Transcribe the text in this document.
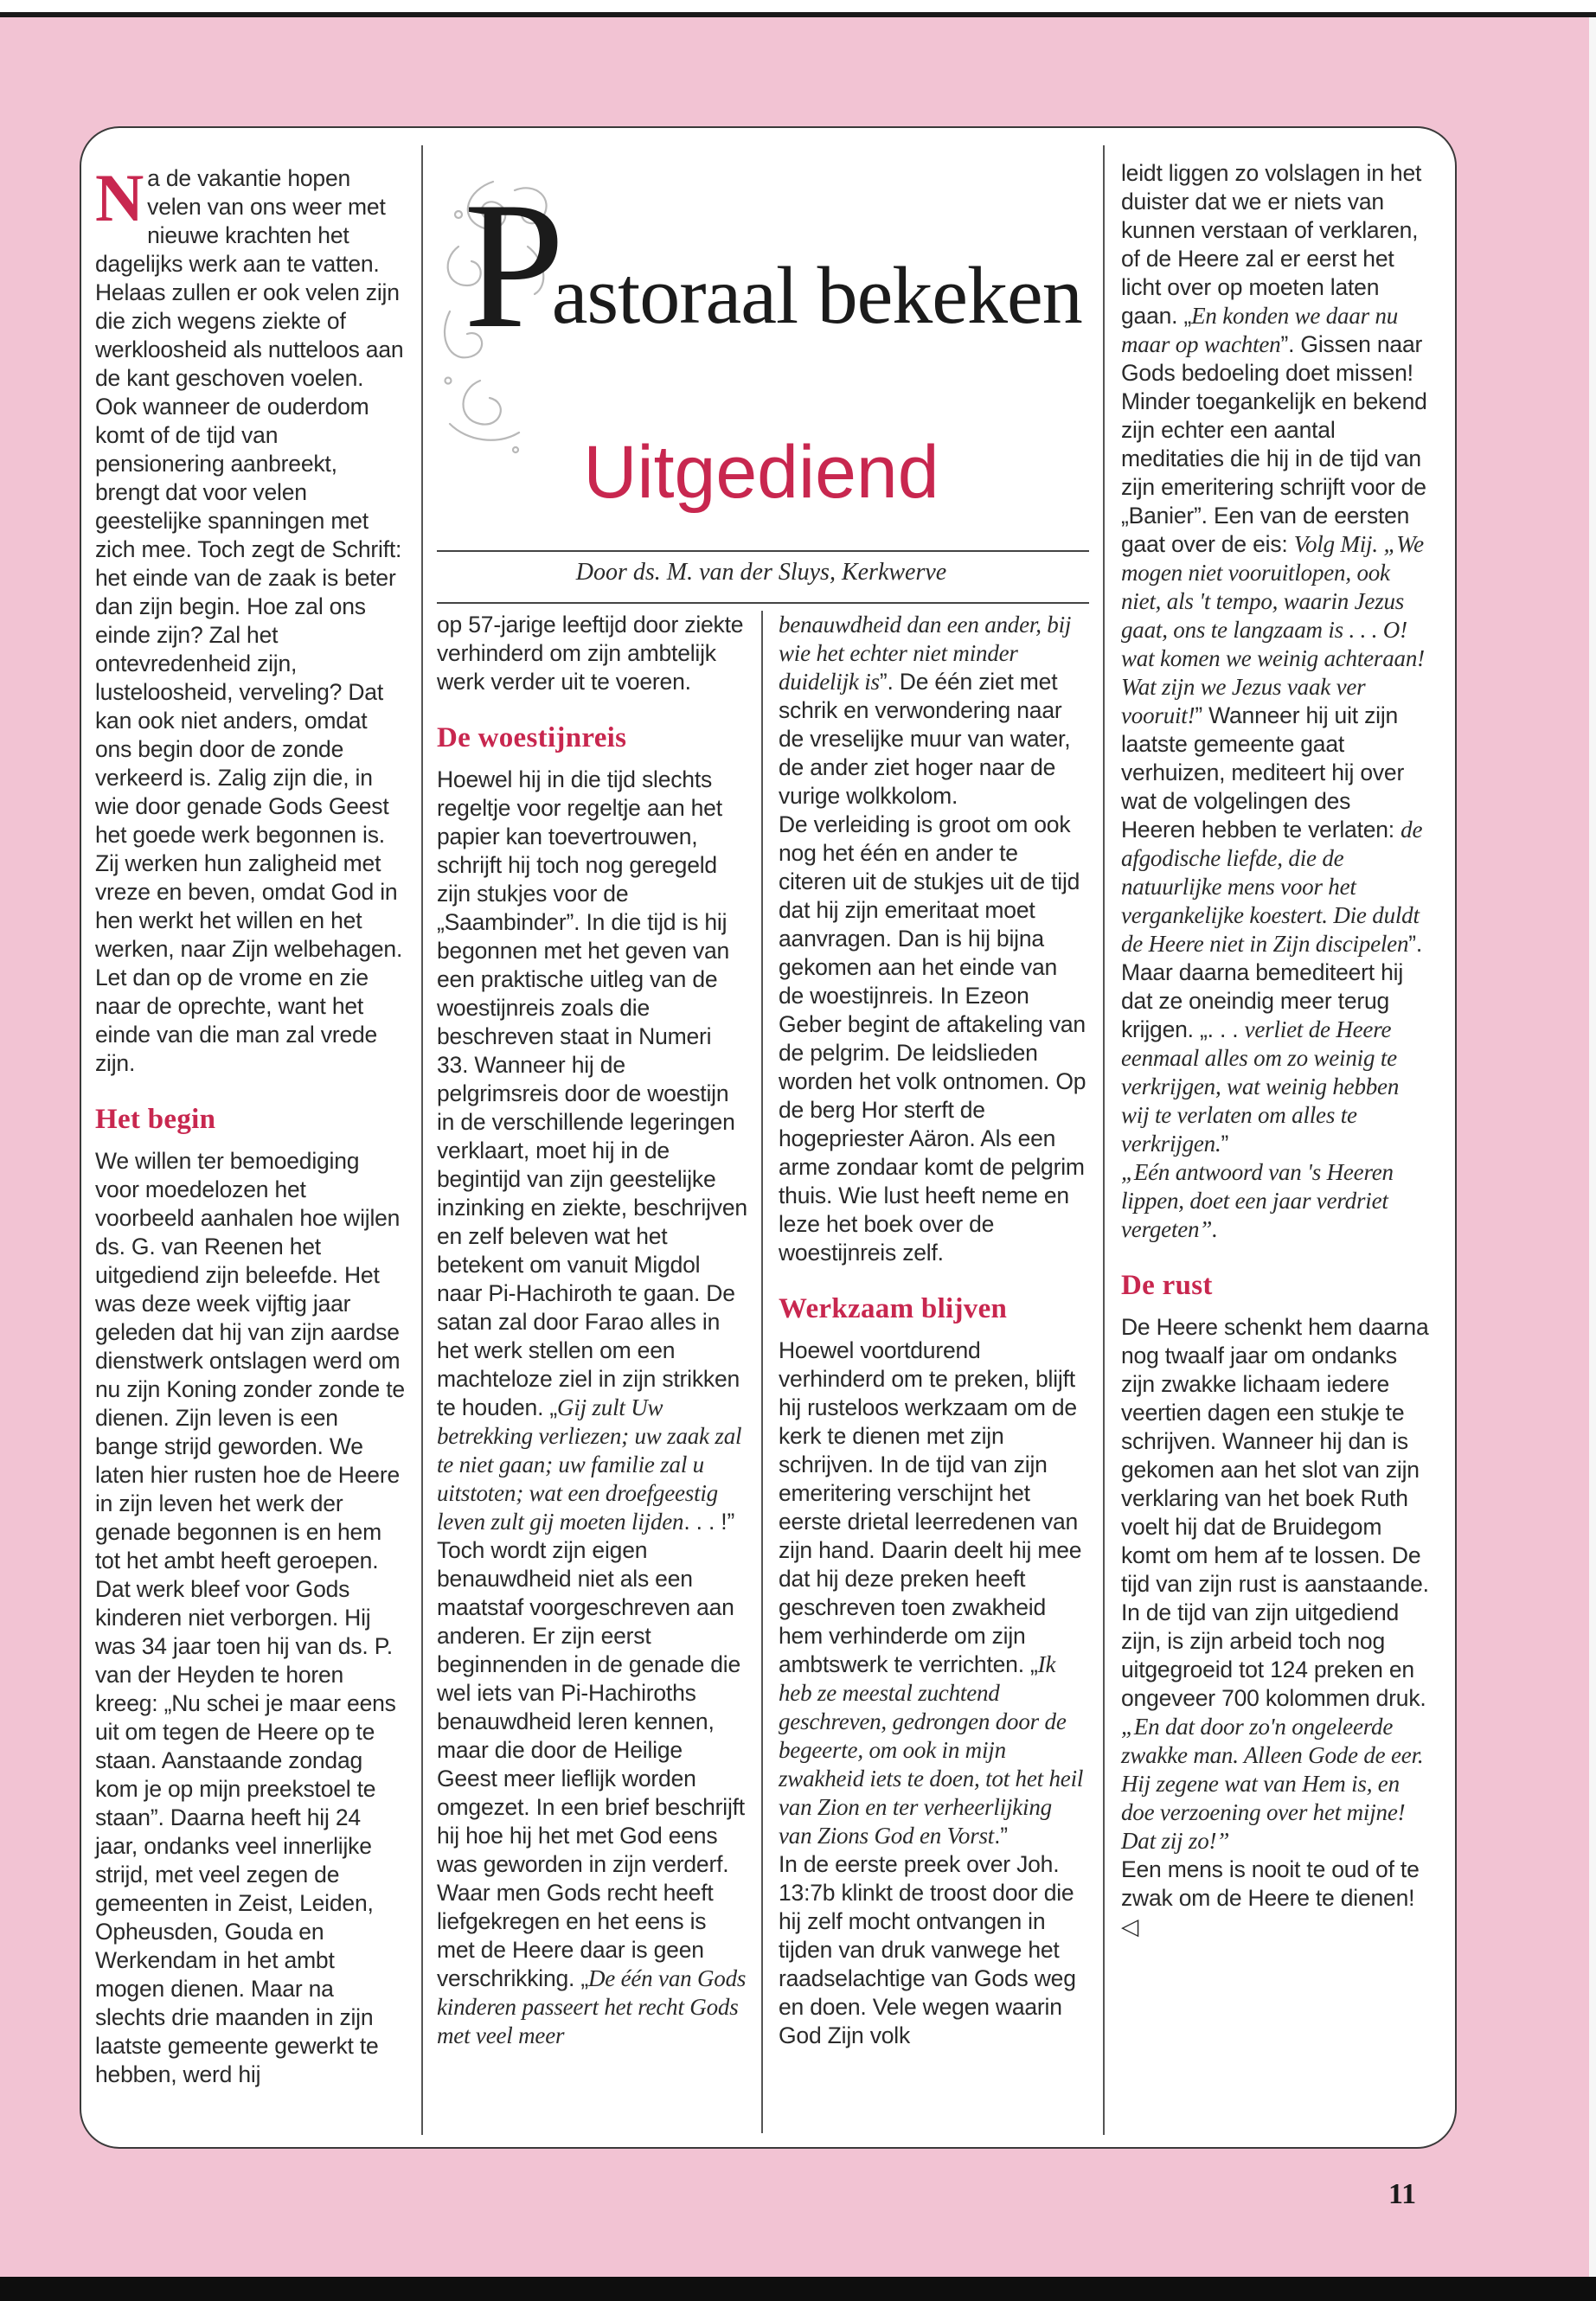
Pastoraal bekeken
Uitgediend
Door ds. M. van der Sluys, Kerkwerve

Na de vakantie hopen velen van ons weer met nieuwe krachten het dagelijks werk aan te vatten. Helaas zullen er ook velen zijn die zich wegens ziekte of werkloosheid als nutteloos aan de kant geschoven voelen. Ook wanneer de ouderdom komt of de tijd van pensionering aanbreekt, brengt dat voor velen geestelijke spanningen met zich mee. Toch zegt de Schrift: het einde van de zaak is beter dan zijn begin. Hoe zal ons einde zijn? Zal het ontevredenheid zijn, lusteloosheid, verveling? Dat kan ook niet anders, omdat ons begin door de zonde verkeerd is. Zalig zijn die, in wie door genade Gods Geest het goede werk begonnen is. Zij werken hun zaligheid met vreze en beven, omdat God in hen werkt het willen en het werken, naar Zijn welbehagen. Let dan op de vrome en zie naar de oprechte, want het einde van die man zal vrede zijn.

Het begin

We willen ter bemoediging voor moedelozen het voorbeeld aanhalen hoe wijlen ds. G. van Reenen het uitgediend zijn beleefde. Het was deze week vijftig jaar geleden dat hij van zijn aardse dienstwerk ontslagen werd om nu zijn Koning zonder zonde te dienen. Zijn leven is een bange strijd geworden. We laten hier rusten hoe de Heere in zijn leven het werk der genade begonnen is en hem tot het ambt heeft geroepen. Dat werk bleef voor Gods kinderen niet verborgen. Hij was 34 jaar toen hij van ds. P. van der Heyden te horen kreeg: „Nu schei je maar eens uit om tegen de Heere op te staan. Aanstaande zondag kom je op mijn preekstoel te staan”. Daarna heeft hij 24 jaar, ondanks veel innerlijke strijd, met veel zegen de gemeenten in Zeist, Leiden, Opheusden, Gouda en Werkendam in het ambt mogen dienen. Maar na slechts drie maanden in zijn laatste gemeente gewerkt te hebben, werd hij

op 57-jarige leeftijd door ziekte verhinderd om zijn ambtelijk werk verder uit te voeren.

De woestijnreis

Hoewel hij in die tijd slechts regeltje voor regeltje aan het papier kan toevertrouwen, schrijft hij toch nog geregeld zijn stukjes voor de „Saambinder”. In die tijd is hij begonnen met het geven van een praktische uitleg van de woestijnreis zoals die beschreven staat in Numeri 33. Wanneer hij de pelgrimsreis door de woestijn in de verschillende legeringen verklaart, moet hij in de begintijd van zijn geestelijke inzinking en ziekte, beschrijven en zelf beleven wat het betekent om vanuit Migdol naar Pi-Hachiroth te gaan. De satan zal door Farao alles in het werk stellen om een machteloze ziel in zijn strikken te houden. „Gij zult Uw betrekking verliezen; uw zaak zal te niet gaan; uw familie zal u uitstoten; wat een droefgeestig leven zult gij moeten lijden. . . !”

Toch wordt zijn eigen benauwdheid niet als een maatstaf voorgeschreven aan anderen. Er zijn eerst beginnenden in de genade die wel iets van Pi-Hachiroths benauwdheid leren kennen, maar die door de Heilige Geest meer lieflijk worden omgezet. In een brief beschrijft hij hoe hij het met God eens was geworden in zijn verderf. Waar men Gods recht heeft liefgekregen en het eens is met de Heere daar is geen verschrikking. „De één van Gods kinderen passeert het recht Gods met veel meer

benauwdheid dan een ander, bij wie het echter niet minder duidelijk is”. De één ziet met schrik en verwondering naar de vreselijke muur van water, de ander ziet hoger naar de vurige wolkkolom.

De verleiding is groot om ook nog het één en ander te citeren uit de stukjes uit de tijd dat hij zijn emeritaat moet aanvragen. Dan is hij bijna gekomen aan het einde van de woestijnreis. In Ezeon Geber begint de aftakeling van de pelgrim. De leidslieden worden het volk ontnomen. Op de berg Hor sterft de hogepriester Aäron. Als een arme zondaar komt de pelgrim thuis. Wie lust heeft neme en leze het boek over de woestijnreis zelf.

Werkzaam blijven

Hoewel voortdurend verhinderd om te preken, blijft hij rusteloos werkzaam om de kerk te dienen met zijn schrijven. In de tijd van zijn emeritering verschijnt het eerste drietal leerredenen van zijn hand. Daarin deelt hij mee dat hij deze preken heeft geschreven toen zwakheid hem verhinderde om zijn ambtswerk te verrichten. „Ik heb ze meestal zuchtend geschreven, gedrongen door de begeerte, om ook in mijn zwakheid iets te doen, tot het heil van Zion en ter verheerlijking van Zions God en Vorst.”

In de eerste preek over Joh. 13:7b klinkt de troost door die hij zelf mocht ontvangen in tijden van druk vanwege het raadselachtige van Gods weg en doen. Vele wegen waarin God Zijn volk

leidt liggen zo volslagen in het duister dat we er niets van kunnen verstaan of verklaren, of de Heere zal er eerst het licht over op moeten laten gaan. „En konden we daar nu maar op wachten”. Gissen naar Gods bedoeling doet missen!

Minder toegankelijk en bekend zijn echter een aantal meditaties die hij in de tijd van zijn emeritering schrijft voor de „Banier”. Een van de eersten gaat over de eis: Volg Mij. „We mogen niet vooruitlopen, ook niet, als 't tempo, waarin Jezus gaat, ons te langzaam is . . . O! wat komen we weinig achteraan! Wat zijn we Jezus vaak ver vooruit!” Wanneer hij uit zijn laatste gemeente gaat verhuizen, mediteert hij over wat de volgelingen des Heeren hebben te verlaten: de afgodische liefde, die de natuurlijke mens voor het vergankelijke koestert. Die duldt de Heere niet in Zijn discipelen”. Maar daarna bemediteert hij dat ze oneindig meer terug krijgen. „. . . verliet de Heere eenmaal alles om zo weinig te verkrijgen, wat weinig hebben wij te verlaten om alles te verkrijgen.”

„Eén antwoord van 's Heeren lippen, doet een jaar verdriet vergeten”.

De rust

De Heere schenkt hem daarna nog twaalf jaar om ondanks zijn zwakke lichaam iedere veertien dagen een stukje te schrijven. Wanneer hij dan is gekomen aan het slot van zijn verklaring van het boek Ruth voelt hij dat de Bruidegom komt om hem af te lossen. De tijd van zijn rust is aanstaande. In de tijd van zijn uitgediend zijn, is zijn arbeid toch nog uitgegroeid tot 124 preken en ongeveer 700 kolommen druk.

„En dat door zo'n ongeleerde zwakke man. Alleen Gode de eer. Hij zegene wat van Hem is, en doe verzoening over het mijne! Dat zij zo!”

Een mens is nooit te oud of te zwak om de Heere te dienen! ◁

11
